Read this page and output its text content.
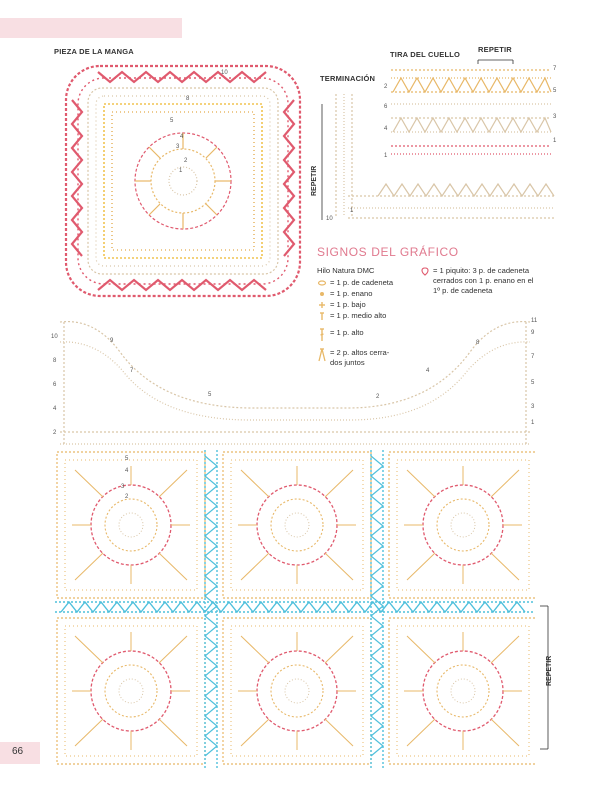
PIEZA DE LA MANGA	TIRA DEL CUELLO
REPETIR
TERMINACIÓN
REPETIR
REPETIR
10
8
5
4
3
2
1
6
4
2
7
5
3
1
1
10
1
SIGNOS DEL GRÁFICO
Hilo Natura DMC
= 1 p. de cadeneta
= 1 p. enano
= 1 p. bajo
= 1 p. medio alto
= 1 p. alto
= 2 p. altos cerra-dos juntos
= 1 piquito: 3 p. de cadeneta cerrados con 1 p. enano en el 1º p. de cadeneta
10
8
6
4
2
11
9
7
5
3
1
9
7
5
8
4
2
5
4
3
2
66
